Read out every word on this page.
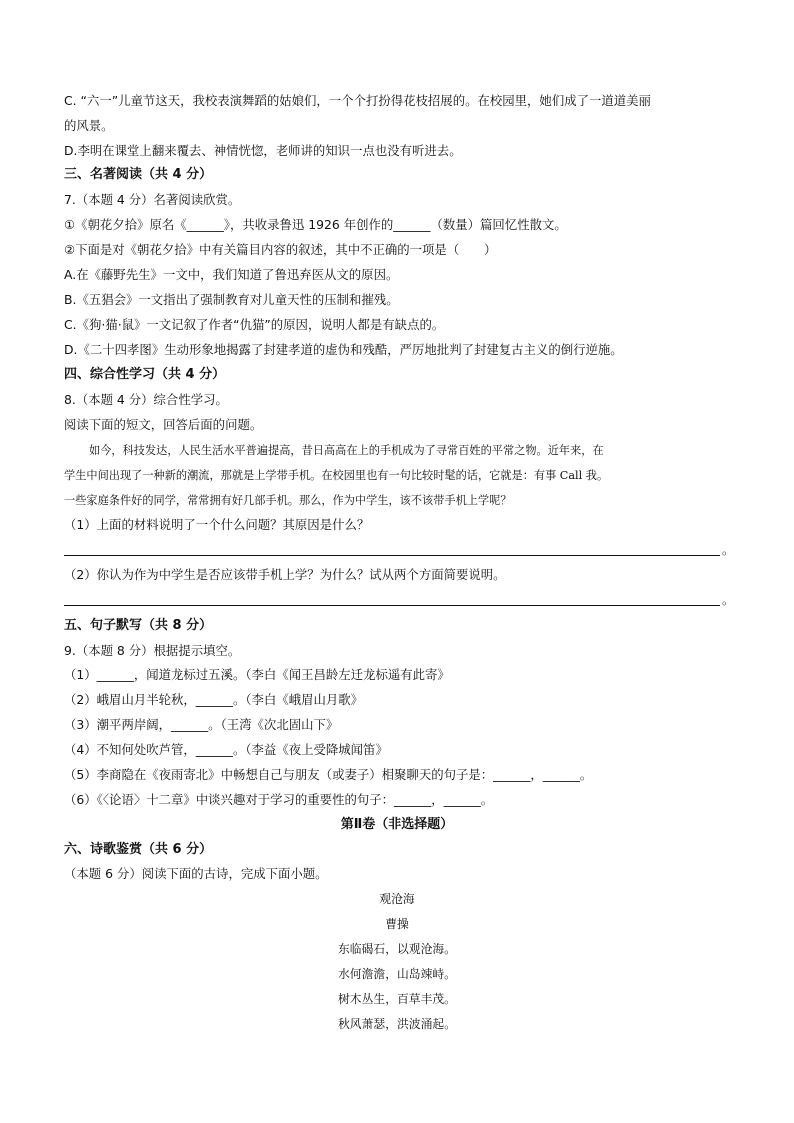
C. “六一”儿童节这天，我校表演舞蹈的姑娘们，一个个打扮得花枝招展的。在校园里，她们成了一道道美丽
的风景。
D.李明在课堂上翻来覆去、神情恍惚，老师讲的知识一点也没有听进去。
三、名著阅读（共 4 分）
7.（本题 4 分）名著阅读欣赏。
①《朝花夕拾》原名《______》，共收录鲁迅 1926 年创作的______（数量）篇回忆性散文。
②下面是对《朝花夕拾》中有关篇目内容的叙述，其中不正确的一项是（　　）
A.在《藤野先生》一文中，我们知道了鲁迅弃医从文的原因。
B.《五猖会》一文指出了强制教育对儿童天性的压制和摧残。
C.《狗·猫·鼠》一文记叙了作者“仇猫”的原因，说明人都是有缺点的。
D.《二十四孝图》生动形象地揭露了封建孝道的虚伪和残酷，严厉地批判了封建复古主义的倒行逆施。
四、综合性学习（共 4 分）
8.（本题 4 分）综合性学习。
阅读下面的短文，回答后面的问题。
如今，科技发达，人民生活水平普遍提高，昔日高高在上的手机成为了寻常百姓的平常之物。近年来，在
学生中间出现了一种新的潮流，那就是上学带手机。在校园里也有一句比较时髦的话，它就是：有事 Call 我。
一些家庭条件好的同学，常常拥有好几部手机。那么，作为中学生，该不该带手机上学呢？
（1）上面的材料说明了一个什么问题？其原因是什么？
。
（2）你认为作为中学生是否应该带手机上学？为什么？试从两个方面简要说明。
。
五、句子默写（共 8 分）
9.（本题 8 分）根据提示填空。
（1）______，闻道龙标过五溪。（李白《闻王昌龄左迁龙标遥有此寄》
（2）峨眉山月半轮秋，______。（李白《峨眉山月歌》
（3）潮平两岸阔，______。（王湾《次北固山下》
（4）不知何处吹芦管，______。（李益《夜上受降城闻笛》
（5）李商隐在《夜雨寄北》中畅想自己与朋友（或妻子）相聚聊天的句子是：______，______。
（6）《〈论语〉十二章》中谈兴趣对于学习的重要性的句子：______，______。
第Ⅱ卷（非选择题）
六、诗歌鉴赏（共 6 分）
（本题 6 分）阅读下面的古诗，完成下面小题。
观沧海
曹操
东临碣石，以观沧海。
水何澹澹，山岛竦峙。
树木丛生，百草丰茂。
秋风萧瑟，洪波涌起。
